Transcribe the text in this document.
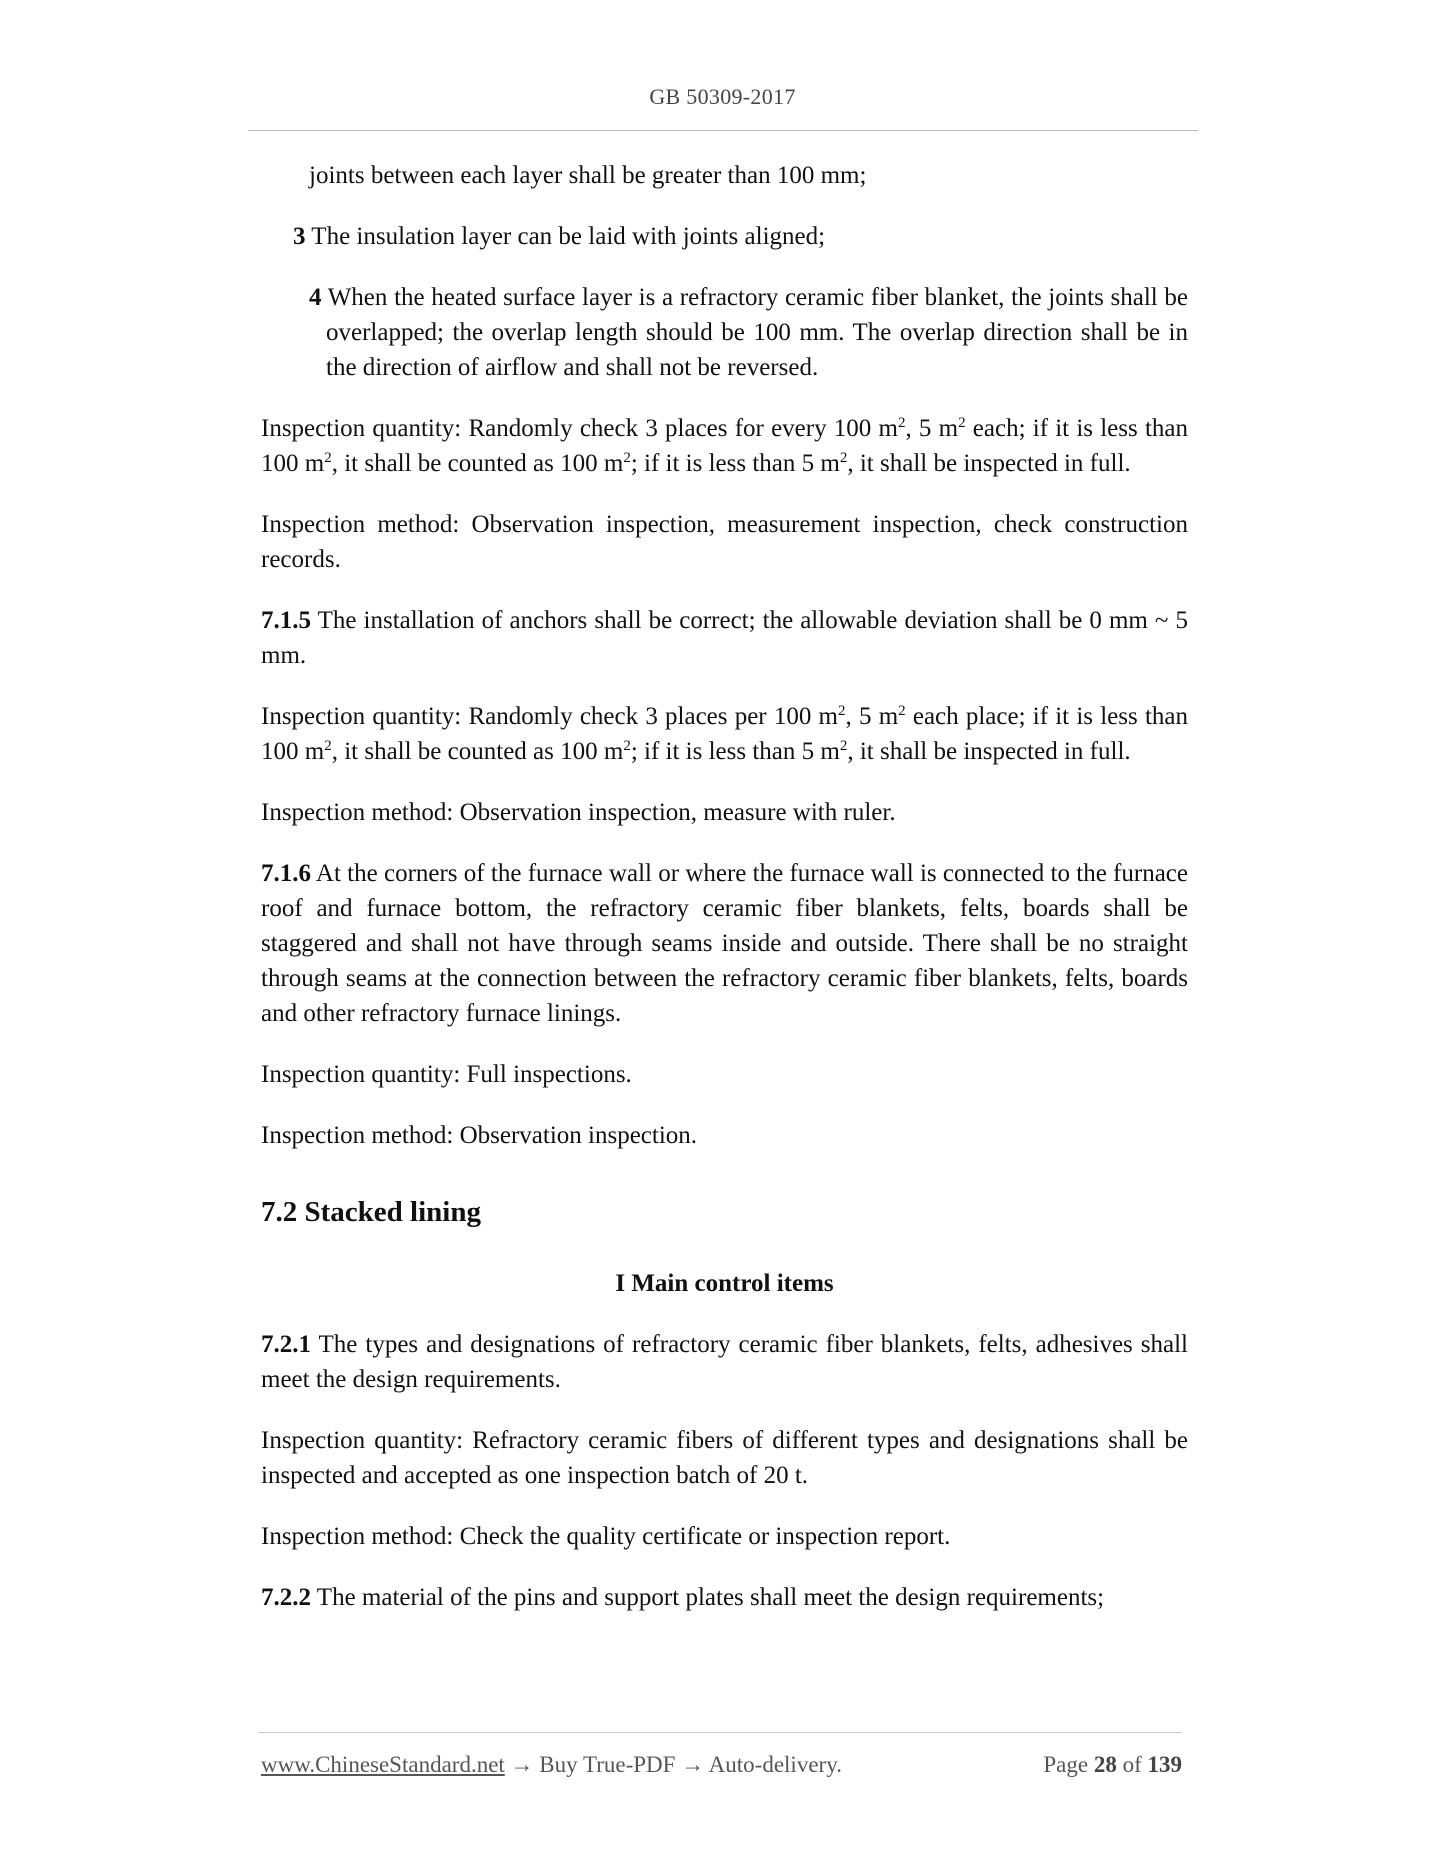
GB 50309-2017

joints between each layer shall be greater than 100 mm;

3 The insulation layer can be laid with joints aligned;

4 When the heated surface layer is a refractory ceramic fiber blanket, the joints shall be overlapped; the overlap length should be 100 mm. The overlap direction shall be in the direction of airflow and shall not be reversed.

Inspection quantity: Randomly check 3 places for every 100 $m^2$, 5 $m^2$ each; if it is less than 100 $m^2$, it shall be counted as 100 $m^2$; if it is less than 5 $m^2$, it shall be inspected in full.

Inspection method: Observation inspection, measurement inspection, check construction records.

7.1.5 The installation of anchors shall be correct; the allowable deviation shall be 0 mm ~ 5 mm.

Inspection quantity: Randomly check 3 places per 100 $m^2$, 5 $m^2$ each place; if it is less than 100 $m^2$, it shall be counted as 100 $m^2$; if it is less than 5 $m^2$, it shall be inspected in full.

Inspection method: Observation inspection, measure with ruler.

7.1.6 At the corners of the furnace wall or where the furnace wall is connected to the furnace roof and furnace bottom, the refractory ceramic fiber blankets, felts, boards shall be staggered and shall not have through seams inside and outside. There shall be no straight through seams at the connection between the refractory ceramic fiber blankets, felts, boards and other refractory furnace linings.

Inspection quantity: Full inspections.

Inspection method: Observation inspection.

7.2 Stacked lining
I Main control items

7.2.1 The types and designations of refractory ceramic fiber blankets, felts, adhesives shall meet the design requirements.

Inspection quantity: Refractory ceramic fibers of different types and designations shall be inspected and accepted as one inspection batch of 20 t.

Inspection method: Check the quality certificate or inspection report.

7.2.2 The material of the pins and support plates shall meet the design requirements;

www.ChineseStandard.net → Buy True-PDF → Auto-delivery.	Page 28 of 139
